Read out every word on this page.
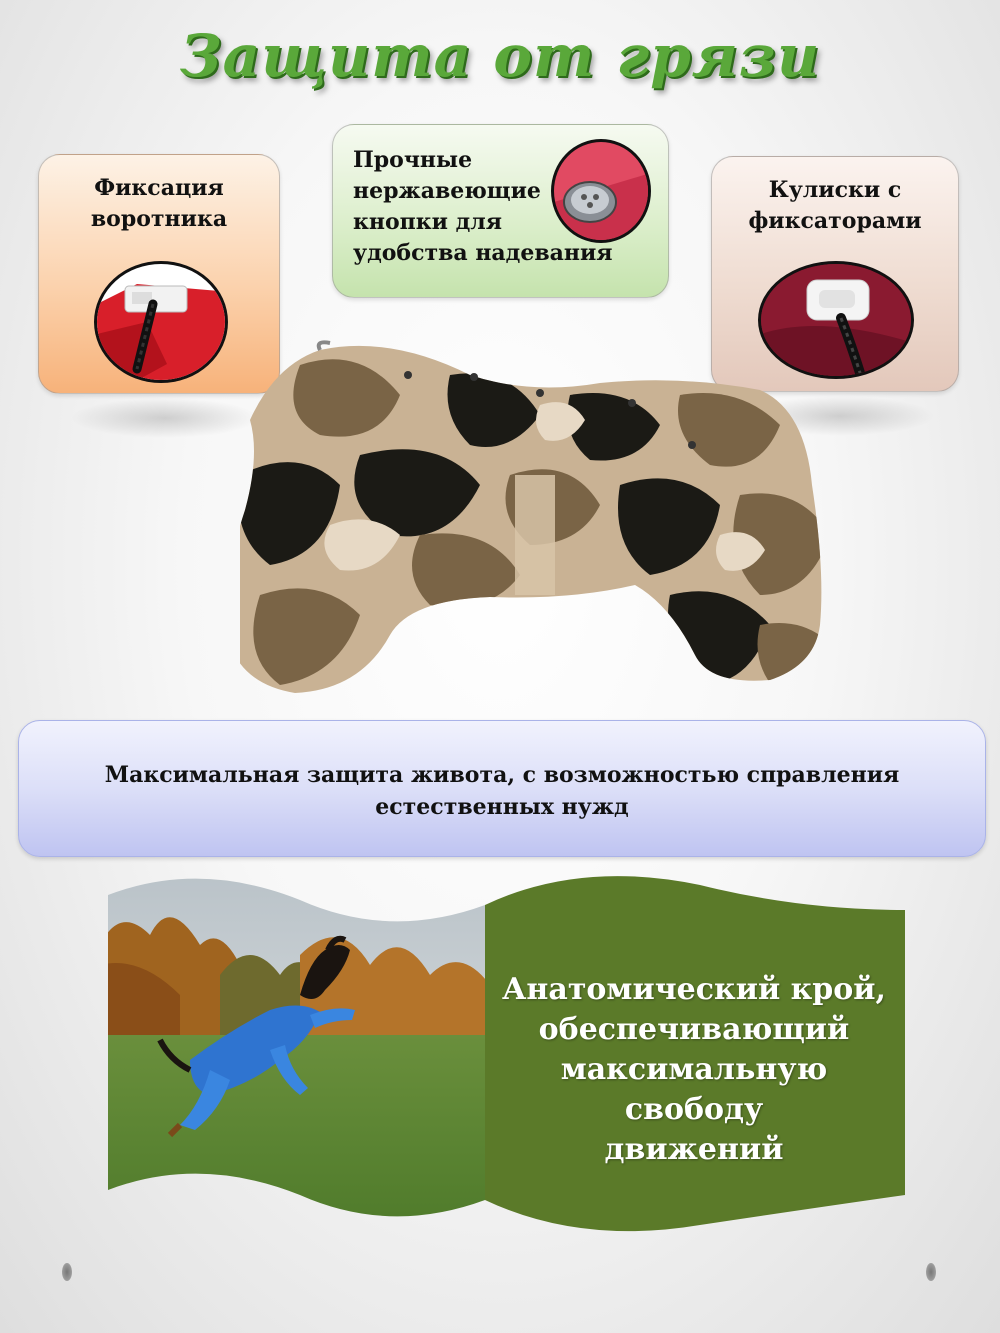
Защита от грязи
Фиксация
воротника
Прочные
нержавеющие
кнопки для
удобства надевания
Кулиски с
фиксаторами
Максимальная защита живота, с возможностью справления
естественных нужд
Анатомический крой,
обеспечивающий
максимальную свободу
движений
